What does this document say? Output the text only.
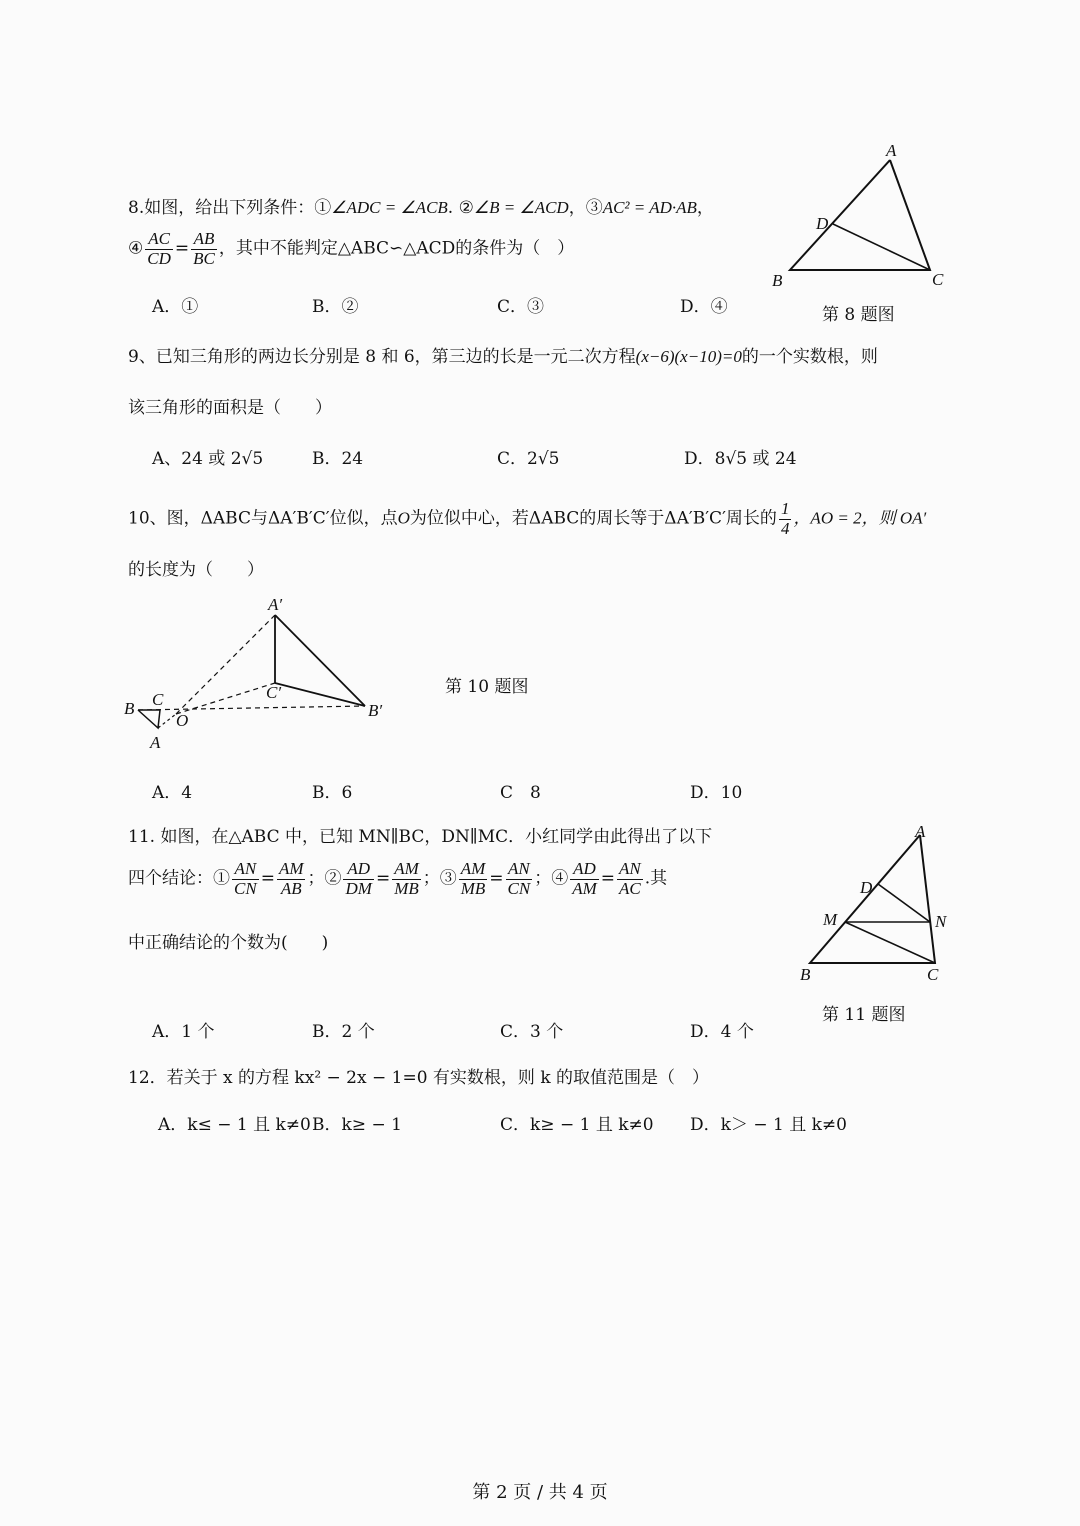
8.如图，给出下列条件：①∠ADC = ∠ACB. ②∠B = ∠ACD，③AC² = AD·AB，
④ $\frac{AC}{CD} = \frac{AB}{BC}$ ，其中不能判定△ABC∽△ACD的条件为（　）
A．①	B．②	C．③	D．④
A
D
B	C
第 8 题图
9、已知三角形的两边长分别是 8 和 6，第三边的长是一元二次方程(x−6)(x−10)=0的一个实数根，则
该三角形的面积是（　　）
A、24 或 2√5	B．24	C．2√5	D．8√5 或 24
10、图，ΔABC与ΔA′B′C′位似，点O为位似中心，若ΔABC的周长等于ΔA′B′C′周长的 $\frac{1}{4}$ ，AO = 2，则 OA′
的长度为（　　）
A′
C′
B′
B C
O
A
第 10 题图
A．4	B．6	C　8	D．10
11. 如图，在△ABC 中，已知 MN∥BC，DN∥MC．小红同学由此得出了以下
四个结论：① $\frac{AN}{CN} = \frac{AM}{AB}$ ；② $\frac{AD}{DM} = \frac{AM}{MB}$ ；③ $\frac{AM}{MB} = \frac{AN}{CN}$ ；④ $\frac{AD}{AM} = \frac{AN}{AC}$ .其
中正确结论的个数为(　　)
A
D
M	N
B	C
第 11 题图
A．1 个	B．2 个	C．3 个	D．4 个
12．若关于 x 的方程 kx² − 2x − 1=0 有实数根，则 k 的取值范围是（　）
A．k≤ − 1 且 k≠0 B．k≥ − 1	C．k≥ − 1 且 k≠0 D．k＞ − 1 且 k≠0
第 2 页 / 共 4 页
